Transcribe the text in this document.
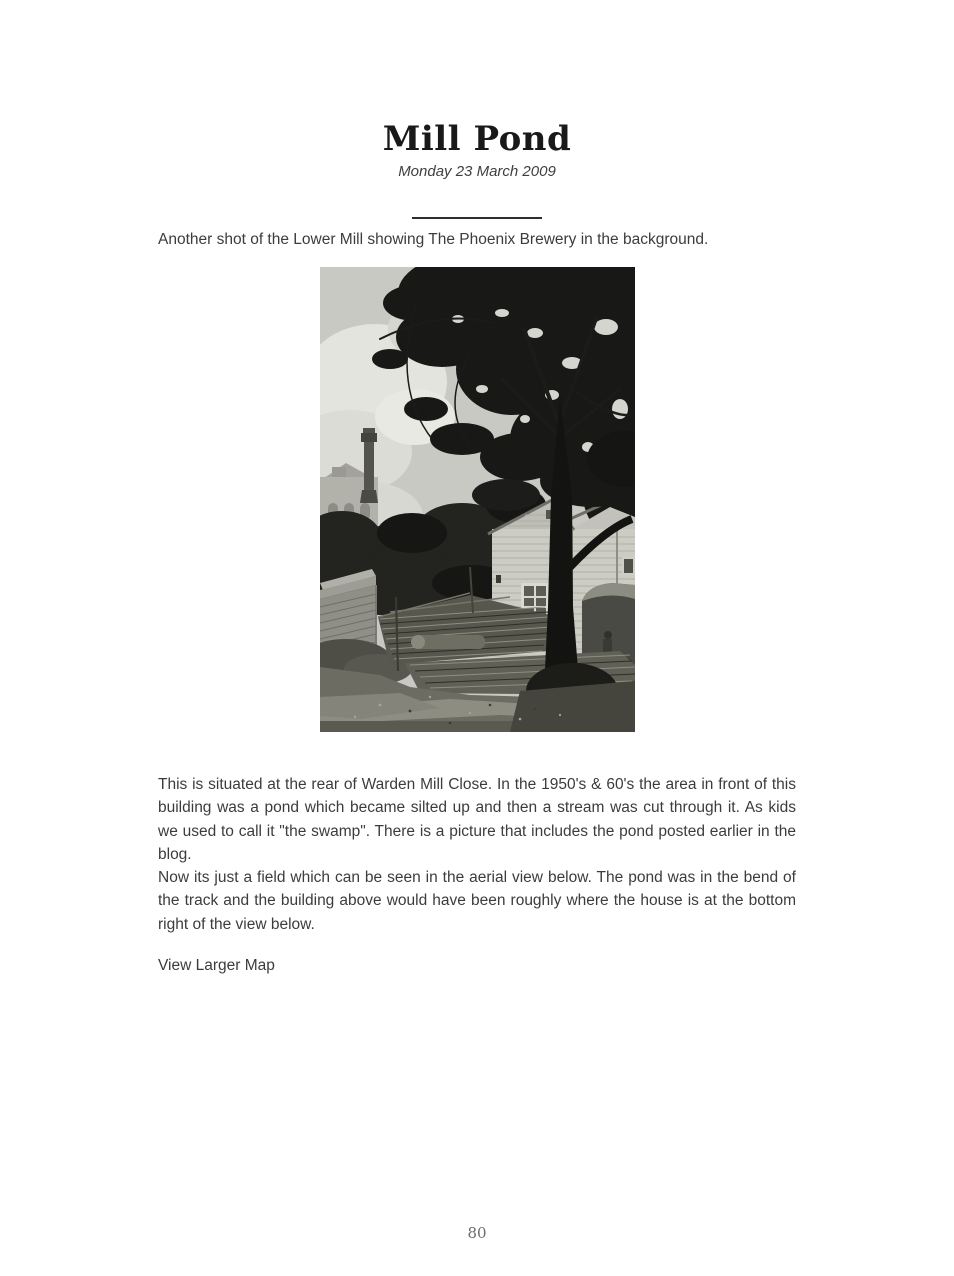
Mill Pond
Monday 23 March 2009

Another shot of the Lower Mill showing The Phoenix Brewery in the background.

This is situated at the rear of Warden Mill Close. In the 1950's & 60's the area in front of this building was a pond which became silted up and then a stream was cut through it. As kids we used to call it "the swamp". There is a picture that includes the pond posted earlier in the blog.

Now its just a field which can be seen in the aerial view below. The pond was in the bend of the track and the building above would have been roughly where the house is at the bottom right of the view below.

View Larger Map

80
